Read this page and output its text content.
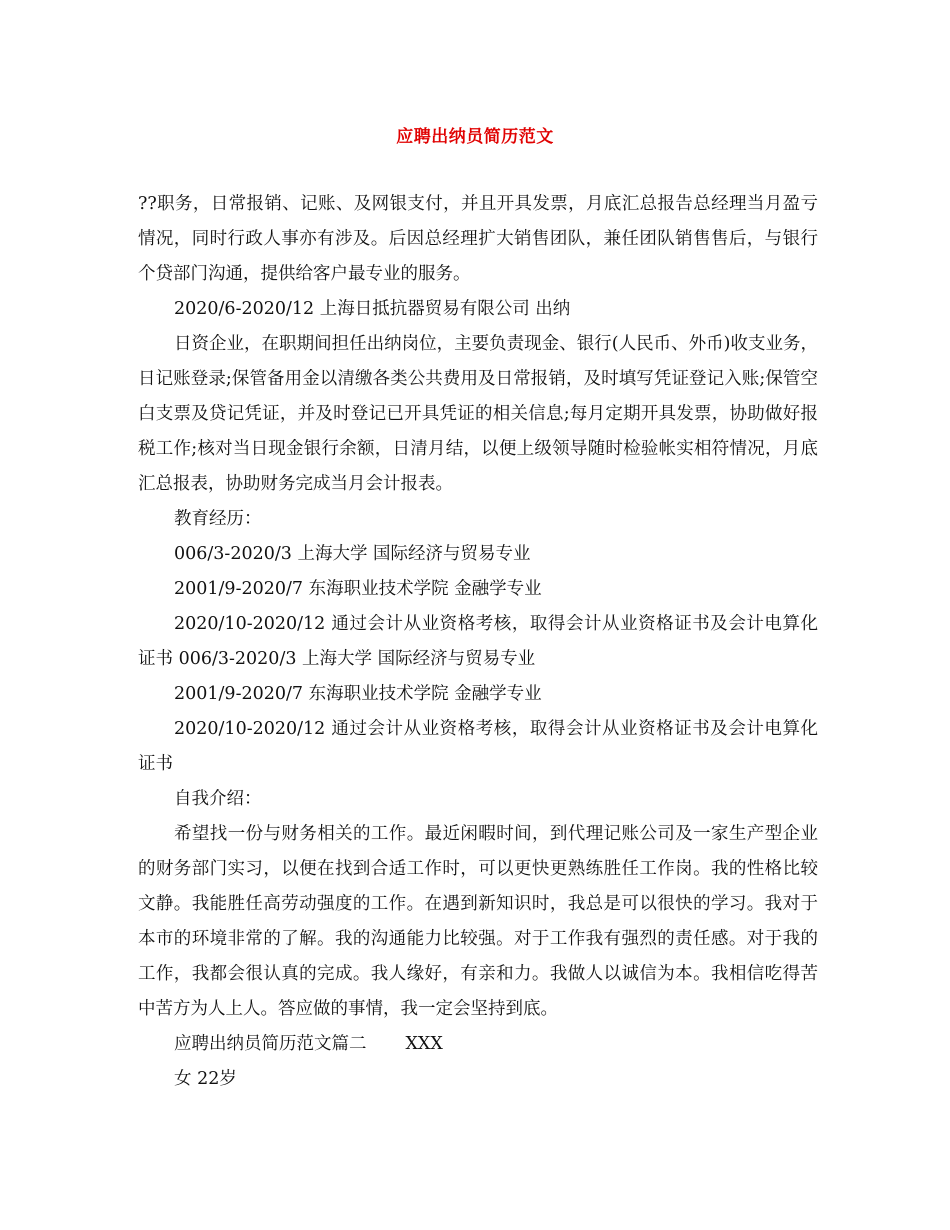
应聘出纳员简历范文

??职务，日常报销、记账、及网银支付，并且开具发票，月底汇总报告总经理当月盈亏情况，同时行政人事亦有涉及。后因总经理扩大销售团队，兼任团队销售售后，与银行个贷部门沟通，提供给客户最专业的服务。

2020/6-2020/12 上海日抵抗器贸易有限公司 出纳

日资企业，在职期间担任出纳岗位，主要负责现金、银行(人民币、外币)收支业务，日记账登录;保管备用金以清缴各类公共费用及日常报销，及时填写凭证登记入账;保管空白支票及贷记凭证，并及时登记已开具凭证的相关信息;每月定期开具发票，协助做好报税工作;核对当日现金银行余额，日清月结，以便上级领导随时检验帐实相符情况，月底汇总报表，协助财务完成当月会计报表。

教育经历：

006/3-2020/3 上海大学 国际经济与贸易专业

2001/9-2020/7 东海职业技术学院 金融学专业

2020/10-2020/12 通过会计从业资格考核，取得会计从业资格证书及会计电算化证书 006/3-2020/3 上海大学 国际经济与贸易专业

2001/9-2020/7 东海职业技术学院 金融学专业

2020/10-2020/12 通过会计从业资格考核，取得会计从业资格证书及会计电算化证书

自我介绍：

希望找一份与财务相关的工作。最近闲暇时间，到代理记账公司及一家生产型企业的财务部门实习，以便在找到合适工作时，可以更快更熟练胜任工作岗。我的性格比较文静。我能胜任高劳动强度的工作。在遇到新知识时，我总是可以很快的学习。我对于本市的环境非常的了解。我的沟通能力比较强。对于工作我有强烈的责任感。对于我的工作，我都会很认真的完成。我人缘好，有亲和力。我做人以诚信为本。我相信吃得苦中苦方为人上人。答应做的事情，我一定会坚持到底。

应聘出纳员简历范文篇二 XXX

女 22岁
